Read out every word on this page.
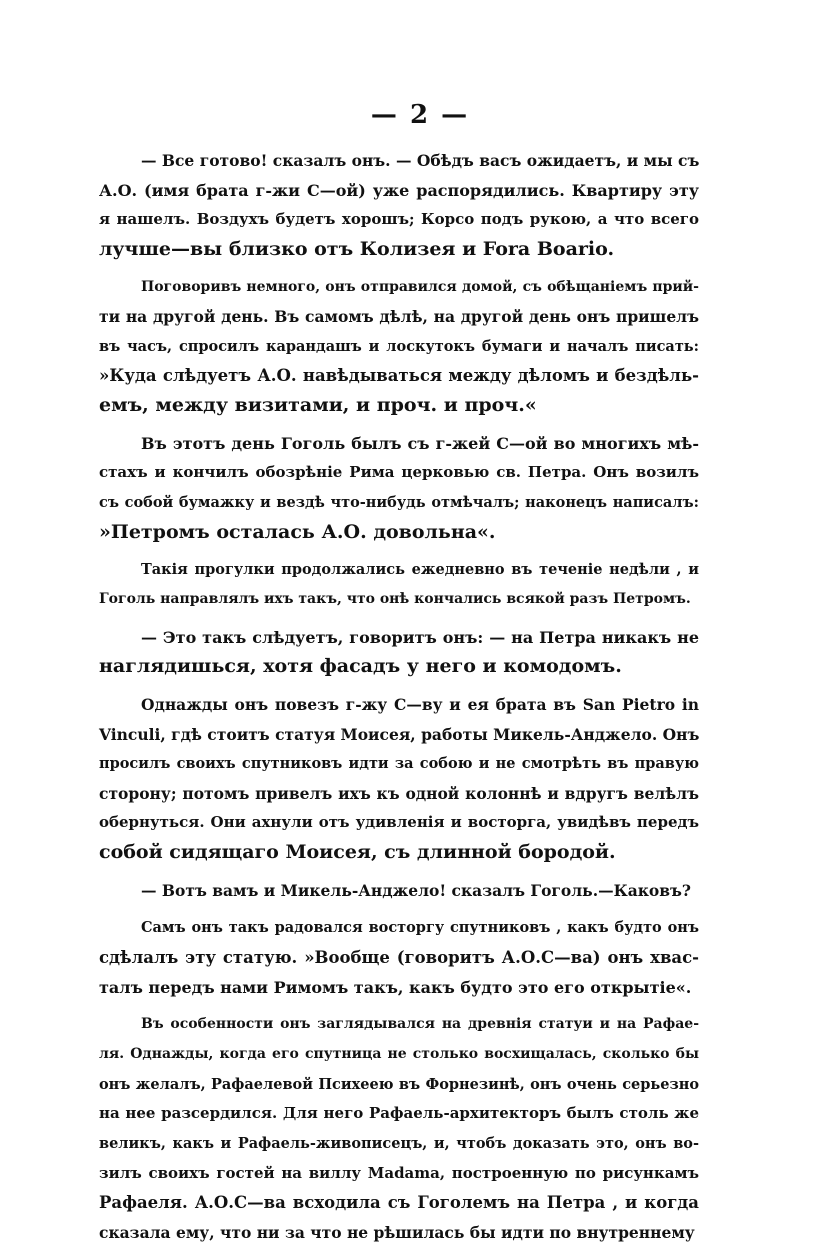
— 2 —
— Все готово! сказалъ онъ. — Обѣдъ васъ ожидаетъ, и мы съ
А.О. (имя брата г-жи С—ой) уже распорядились. Квартиру эту
я нашелъ. Воздухъ будетъ хорошъ; Корсо подъ рукою, а что всего
лучше—вы близко отъ Колизея и Fora Boario.
Поговоривъ немного, онъ отправился домой, съ обѣщаніемъ прий-
ти на другой день. Въ самомъ дѣлѣ, на другой день онъ пришелъ
въ часъ, спросилъ карандашъ и лоскутокъ бумаги и началъ писать:
»Куда слѣдуетъ А.О. навѣдываться между дѣломъ и бездѣль-
емъ, между визитами, и проч. и проч.«
Въ этотъ день Гоголь былъ съ г-жей С—ой во многихъ мѣ-
стахъ и кончилъ обозрѣніе Рима церковью св. Петра. Онъ возилъ
съ собой бумажку и вездѣ что-нибудь отмѣчалъ; наконецъ написалъ:
»Петромъ осталась А.О. довольна«.
Такія прогулки продолжались ежедневно въ теченіе недѣли , и
Гоголь направлялъ ихъ такъ, что онѣ кончались всякой разъ Петромъ.
— Это такъ слѣдуетъ, говоритъ онъ: — на Петра никакъ не
наглядишься, хотя фасадъ у него и комодомъ.
Однажды онъ повезъ г-жу С—ву и ея брата въ San Pietro in
Vinculi, гдѣ стоитъ статуя Моисея, работы Микель-Анджело. Онъ
просилъ своихъ спутниковъ идти за собою и не смотрѣть въ правую
сторону; потомъ привелъ ихъ къ одной колоннѣ и вдругъ велѣлъ
обернуться. Они ахнули отъ удивленія и восторга, увидѣвъ передъ
собой сидящаго Моисея, съ длинной бородой.
— Вотъ вамъ и Микель-Анджело! сказалъ Гоголь.—Каковъ?
Самъ онъ такъ радовался восторгу спутниковъ , какъ будто онъ
сдѣлалъ эту статую. »Вообще (говоритъ А.О.С—ва) онъ хвас-
талъ передъ нами Римомъ такъ, какъ будто это его открытіе«.
Въ особенности онъ заглядывался на древнія статуи и на Рафае-
ля. Однажды, когда его спутница не столько восхищалась, сколько бы
онъ желалъ, Рафаелевой Психеею въ Форнезинѣ, онъ очень серьезно
на нее разсердился. Для него Рафаель-архитекторъ былъ столь же
великъ, какъ и Рафаель-живописецъ, и, чтобъ доказать это, онъ во-
зилъ своихъ гостей на виллу Madama, построенную по рисункамъ
Рафаеля. А.О.С—ва всходила съ Гоголемъ на Петра , и когда
сказала ему, что ни за что не рѣшилась бы идти по внутреннему
